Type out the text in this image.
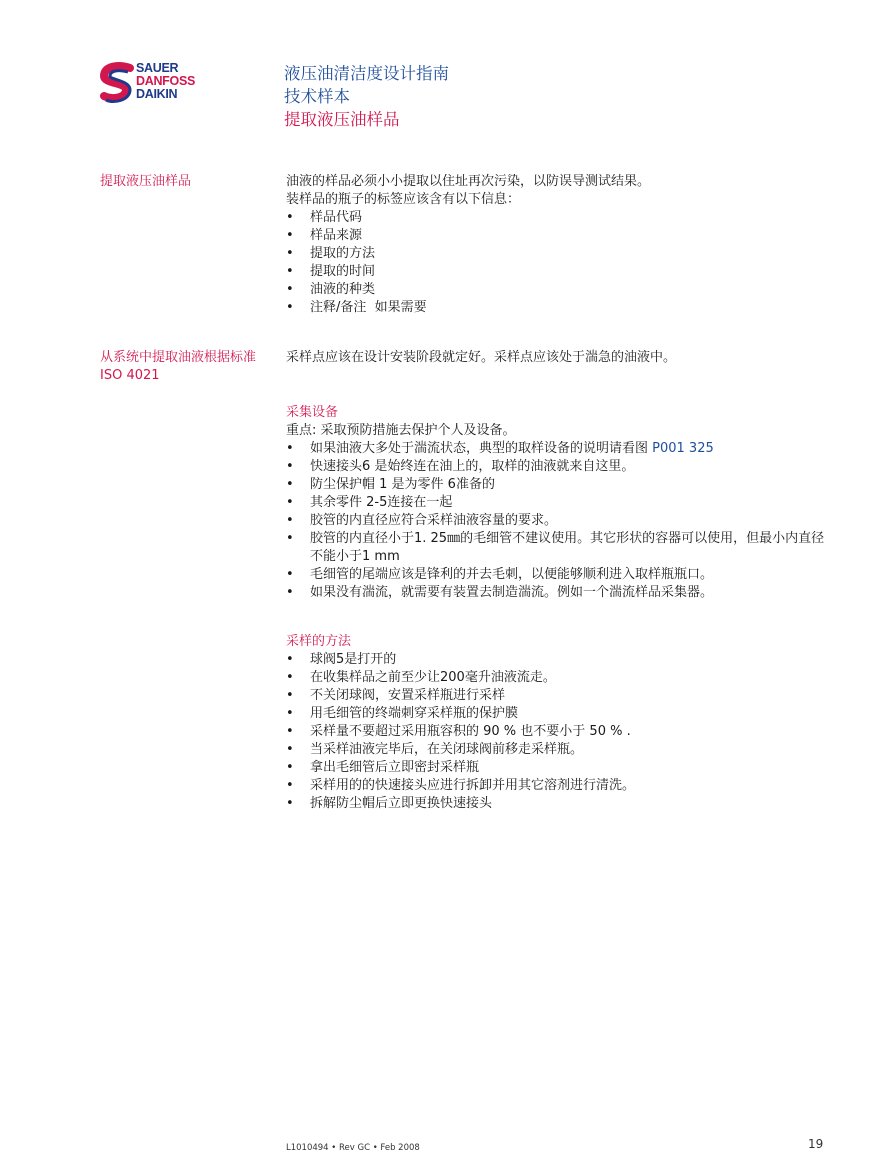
SAUER
DANFOSS
DAIKIN
液压油清洁度设计指南
技术样本
提取液压油样品
提取液压油样品	油液的样品必须小小提取以住址再次污染，以防误导测试结果。
装样品的瓶子的标签应该含有以下信息：
• 样品代码
• 样品来源
• 提取的方法
• 提取的时间
• 油液的种类
• 注释/备注  如果需要
从系统中提取油液根据标准ISO 4021
采样点应该在设计安装阶段就定好。采样点应该处于湍急的油液中。
采集设备
重点: 采取预防措施去保护个人及设备。
• 如果油液大多处于湍流状态，典型的取样设备的说明请看图 P001 325
• 快速接头6 是始终连在油上的，取样的油液就来自这里。
• 防尘保护帽 1 是为零件 6准备的
• 其余零件 2-5连接在一起
• 胶管的内直径应符合采样油液容量的要求。
• 胶管的内直径小于1. 25㎜的毛细管不建议使用。其它形状的容器可以使用，但最小内直径不能小于1 mm
• 毛细管的尾端应该是锋利的并去毛刺，以便能够顺利进入取样瓶瓶口。
• 如果没有湍流，就需要有装置去制造湍流。例如一个湍流样品采集器。
采样的方法
• 球阀5是打开的
• 在收集样品之前至少让200毫升油液流走。
• 不关闭球阀，安置采样瓶进行采样
• 用毛细管的终端刺穿采样瓶的保护膜
• 采样量不要超过采用瓶容积的 90 % 也不要小于 50 % .
• 当采样油液完毕后，在关闭球阀前移走采样瓶。
• 拿出毛细管后立即密封采样瓶
• 采样用的的快速接头应进行拆卸并用其它溶剂进行清洗。
• 拆解防尘帽后立即更换快速接头
L1010494 • Rev GC • Feb 2008	19
